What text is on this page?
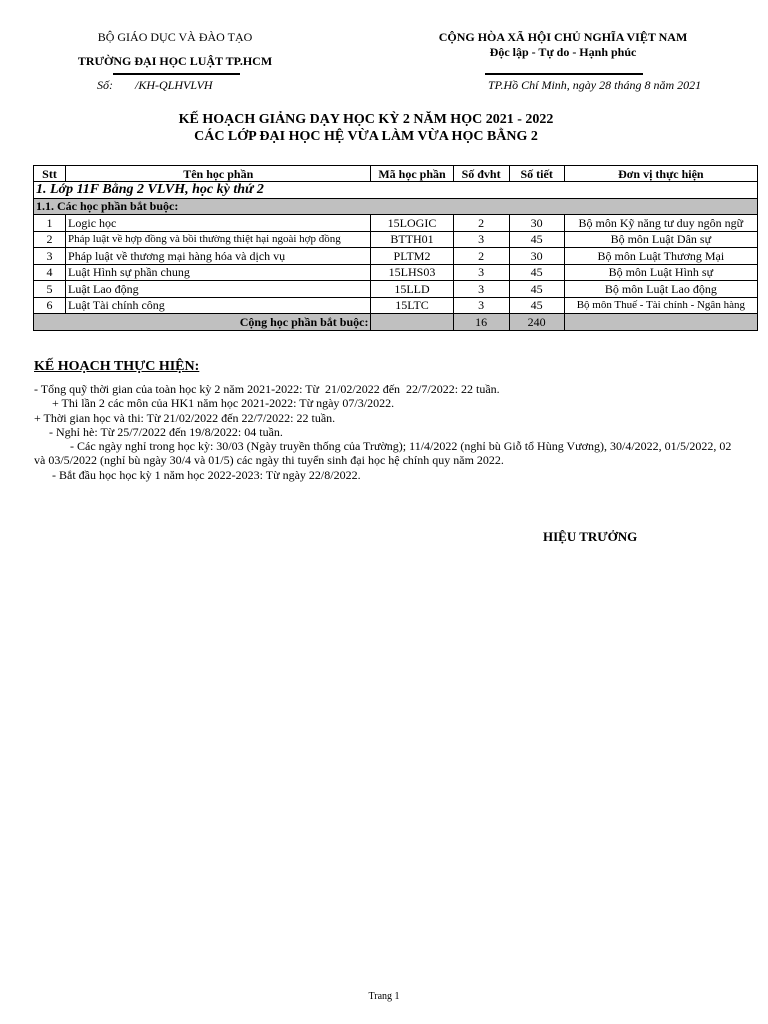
BỘ GIÁO DỤC VÀ ĐÀO TẠO
TRƯỜNG ĐẠI HỌC LUẬT TP.HCM
Số: /KH-QLHVLVH
CỘNG HÒA XÃ HỘI CHỦ NGHĨA VIỆT NAM
Độc lập - Tự do - Hạnh phúc
TP.Hồ Chí Minh, ngày 28 tháng 8 năm 2021
KẾ HOẠCH GIẢNG DẠY HỌC KỲ 2 NĂM HỌC 2021 - 2022
CÁC LỚP ĐẠI HỌC HỆ VỪA LÀM VỪA HỌC BẰNG 2
Stt	Tên học phần	Mã học phần	Số đvht	Số tiết	Đơn vị thực hiện
1. Lớp 11F Bằng 2 VLVH, học kỳ thứ 2					
1.1. Các học phần bắt buộc:					
1	Logic học	15LOGIC	2	30	Bộ môn Kỹ năng tư duy ngôn ngữ
2	Pháp luật về hợp đồng và bồi thường thiệt hại ngoài hợp đồng	BTTH01	3	45	Bộ môn Luật Dân sự
3	Pháp luật về thương mại hàng hóa và dịch vụ	PLTM2	2	30	Bộ môn Luật Thương Mại
4	Luật Hình sự phần chung	15LHS03	3	45	Bộ môn Luật Hình sự
5	Luật Lao động	15LLD	3	45	Bộ môn Luật Lao động
6	Luật Tài chính công	15LTC	3	45	Bộ môn Thuế - Tài chính - Ngân hàng
Cộng học phần bắt buộc:			16	240	
KẾ HOẠCH THỰC HIỆN:
- Tổng quỹ thời gian của toàn học kỳ 2 năm 2021-2022: Từ  21/02/2022 đến  22/7/2022: 22 tuần.
+ Thi lần 2 các môn của HK1 năm học 2021-2022: Từ ngày 07/3/2022.
+ Thời gian học và thi: Từ 21/02/2022 đến 22/7/2022: 22 tuần.
- Nghỉ hè: Từ 25/7/2022 đến 19/8/2022: 04 tuần.
- Các ngày nghỉ trong học kỳ: 30/03 (Ngày truyền thống của Trường); 11/4/2022 (nghỉ bù Giỗ tổ Hùng Vương), 30/4/2022, 01/5/2022, 02 và 03/5/2022 (nghỉ bù ngày 30/4 và 01/5) các ngày thi tuyển sinh đại học hệ chính quy năm 2022.
- Bắt đầu học học kỳ 1 năm học 2022-2023: Từ ngày 22/8/2022.
HIỆU TRƯỞNG
Trang 1
